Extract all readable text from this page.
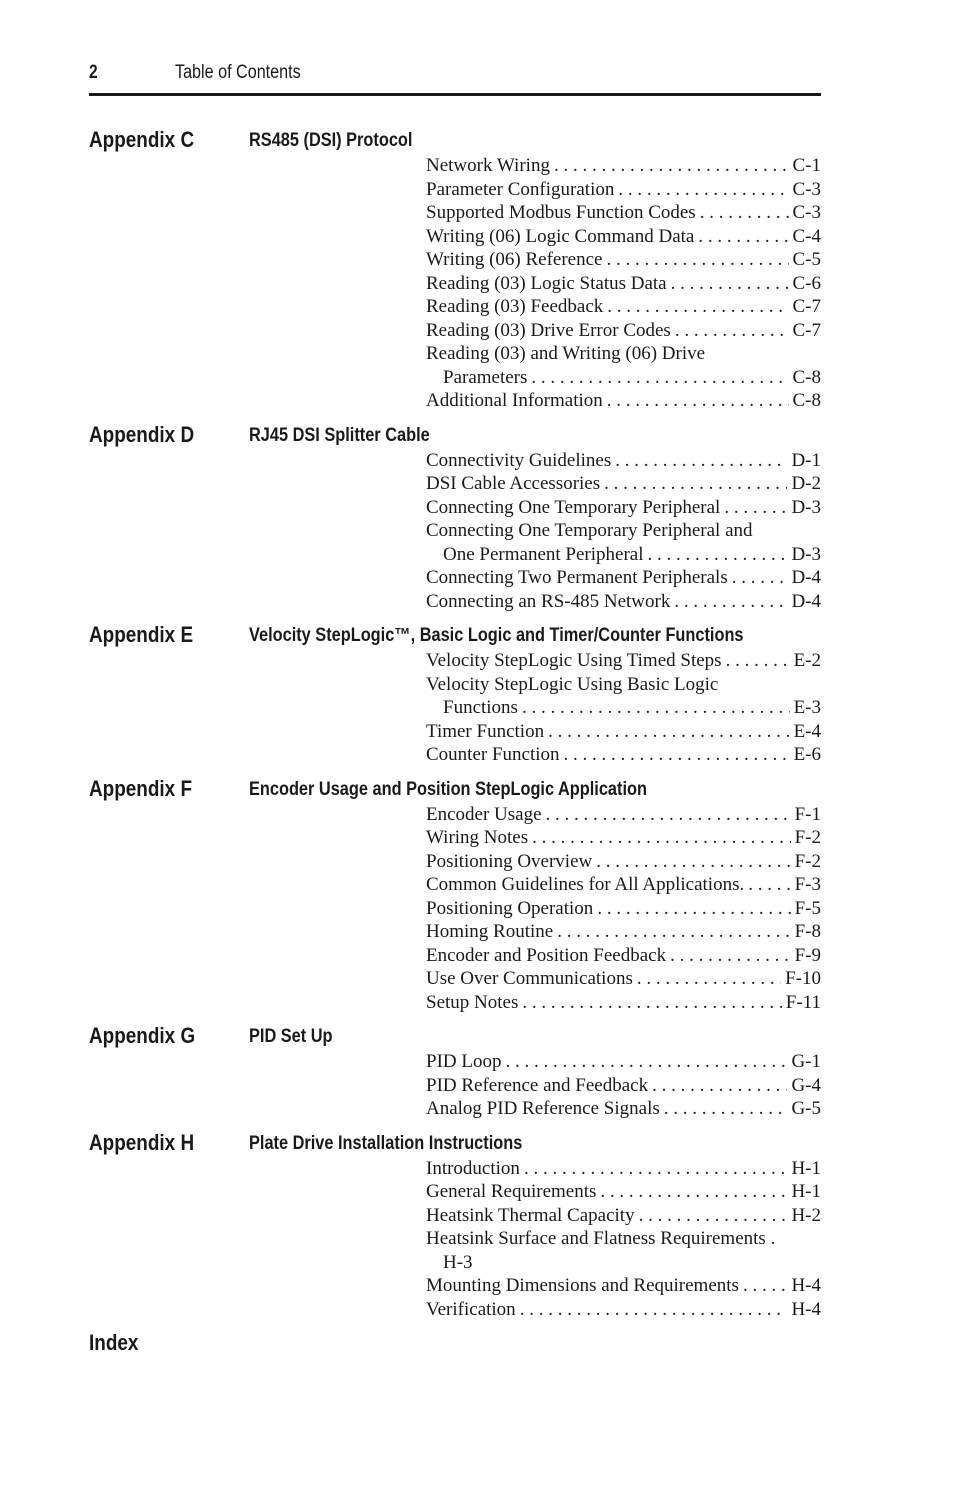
2	Table of Contents
Appendix C	RS485 (DSI) Protocol
Network Wiring . . .	C-1
Parameter Configuration . . .	C-3
Supported Modbus Function Codes . . .	C-3
Writing (06) Logic Command Data . . .	C-4
Writing (06) Reference . . .	C-5
Reading (03) Logic Status Data . . .	C-6
Reading (03) Feedback . . .	C-7
Reading (03) Drive Error Codes . . .	C-7
Reading (03) and Writing (06) Drive
Parameters . . .	C-8
Additional Information . . .	C-8
Appendix D	RJ45 DSI Splitter Cable
Connectivity Guidelines . . .	D-1
DSI Cable Accessories . . .	D-2
Connecting One Temporary Peripheral . . .	D-3
Connecting One Temporary Peripheral and
One Permanent Peripheral . . .	D-3
Connecting Two Permanent Peripherals . . .	D-4
Connecting an RS-485 Network . . .	D-4
Appendix E	Velocity StepLogic™, Basic Logic and Timer/Counter Functions
Velocity StepLogic Using Timed Steps . . .	E-2
Velocity StepLogic Using Basic Logic
Functions . . .	E-3
Timer Function . . .	E-4
Counter Function . . .	E-6
Appendix F	Encoder Usage and Position StepLogic Application
Encoder Usage . . .	F-1
Wiring Notes . . .	F-2
Positioning Overview . . .	F-2
Common Guidelines for All Applications. . . .	F-3
Positioning Operation . . .	F-5
Homing Routine . . .	F-8
Encoder and Position Feedback . . .	F-9
Use Over Communications . . .	F-10
Setup Notes . . .	F-11
Appendix G	PID Set Up
PID Loop . . .	G-1
PID Reference and Feedback . . .	G-4
Analog PID Reference Signals . . .	G-5
Appendix H	Plate Drive Installation Instructions
Introduction . . .	H-1
General Requirements . . .	H-1
Heatsink Thermal Capacity . . .	H-2
Heatsink Surface and Flatness Requirements .
H-3
Mounting Dimensions and Requirements . . .	H-4
Verification . . .	H-4
Index
